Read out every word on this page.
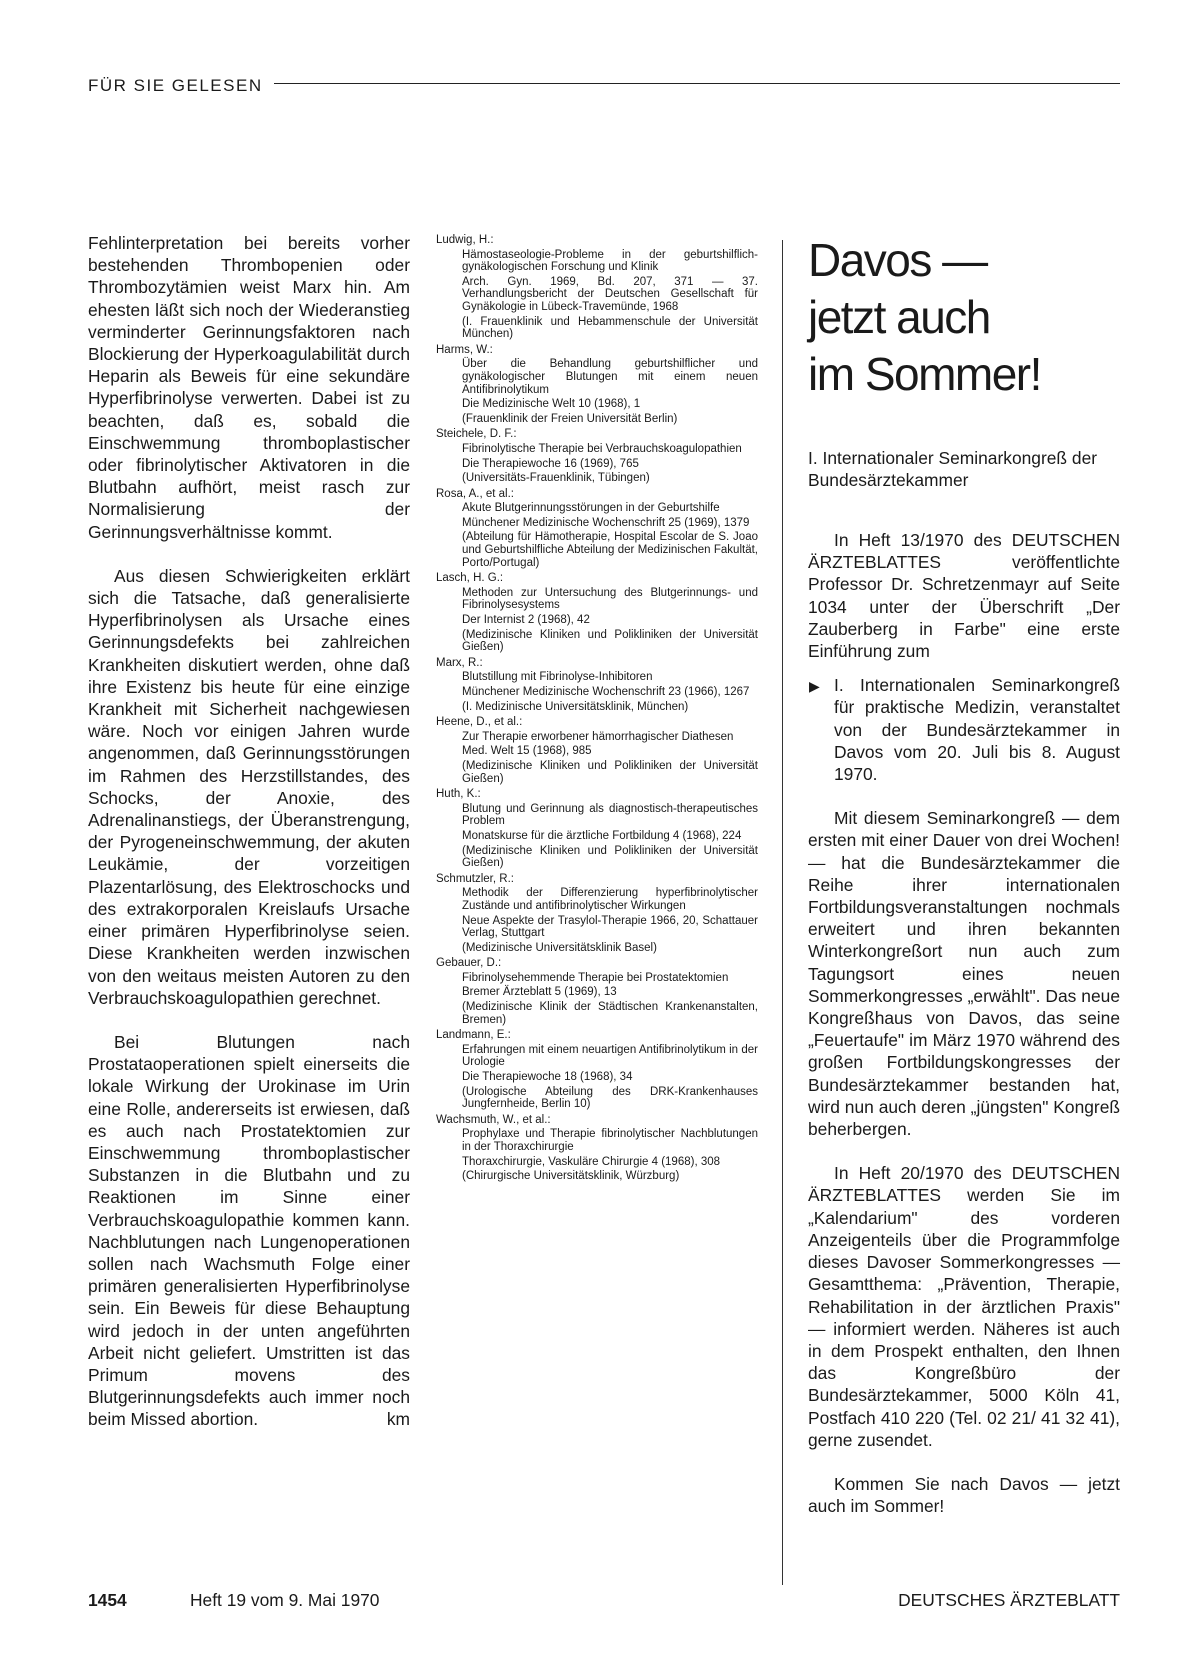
FÜR SIE GELESEN

Fehlinterpretation bei bereits vorher bestehenden Thrombopenien oder Thrombozytämien weist Marx hin. Am ehesten läßt sich noch der Wiederanstieg verminderter Gerinnungsfaktoren nach Blockierung der Hyperkoagulabilität durch Heparin als Beweis für eine sekundäre Hyperfibrinolyse verwerten. Dabei ist zu beachten, daß es, sobald die Einschwemmung thromboplastischer oder fibrinolytischer Aktivatoren in die Blutbahn aufhört, meist rasch zur Normalisierung der Gerinnungsverhältnisse kommt.

Aus diesen Schwierigkeiten erklärt sich die Tatsache, daß generalisierte Hyperfibrinolysen als Ursache eines Gerinnungsdefekts bei zahlreichen Krankheiten diskutiert werden, ohne daß ihre Existenz bis heute für eine einzige Krankheit mit Sicherheit nachgewiesen wäre. Noch vor einigen Jahren wurde angenommen, daß Gerinnungsstörungen im Rahmen des Herzstillstandes, des Schocks, der Anoxie, des Adrenalinanstiegs, der Überanstrengung, der Pyrogeneinschwemmung, der akuten Leukämie, der vorzeitigen Plazentarlösung, des Elektroschocks und des extrakorporalen Kreislaufs Ursache einer primären Hyperfibrinolyse seien. Diese Krankheiten werden inzwischen von den weitaus meisten Autoren zu den Verbrauchskoagulopathien gerechnet.

Bei Blutungen nach Prostataoperationen spielt einerseits die lokale Wirkung der Urokinase im Urin eine Rolle, andererseits ist erwiesen, daß es auch nach Prostatektomien zur Einschwemmung thromboplastischer Substanzen in die Blutbahn und zu Reaktionen im Sinne einer Verbrauchskoagulopathie kommen kann. Nachblutungen nach Lungenoperationen sollen nach Wachsmuth Folge einer primären generalisierten Hyperfibrinolyse sein. Ein Beweis für diese Behauptung wird jedoch in der unten angeführten Arbeit nicht geliefert. Umstritten ist das Primum movens des Blutgerinnungsdefekts auch immer noch beim Missed abortion.	km

Ludwig, H.:
Hämostaseologie-Probleme in der geburtshilflich-gynäkologischen Forschung und Klinik
Arch. Gyn. 1969, Bd. 207, 371 — 37. Verhandlungsbericht der Deutschen Gesellschaft für Gynäkologie in Lübeck-Travemünde, 1968
(I. Frauenklinik und Hebammenschule der Universität München)
Harms, W.:
Über die Behandlung geburtshilflicher und gynäkologischer Blutungen mit einem neuen Antifibrinolytikum
Die Medizinische Welt 10 (1968), 1
(Frauenklinik der Freien Universität Berlin)
Steichele, D. F.:
Fibrinolytische Therapie bei Verbrauchskoagulopathien
Die Therapiewoche 16 (1969), 765
(Universitäts-Frauenklinik, Tübingen)
Rosa, A., et al.:
Akute Blutgerinnungsstörungen in der Geburtshilfe
Münchener Medizinische Wochenschrift 25 (1969), 1379
(Abteilung für Hämotherapie, Hospital Escolar de S. Joao und Geburtshilfliche Abteilung der Medizinischen Fakultät, Porto/Portugal)
Lasch, H. G.:
Methoden zur Untersuchung des Blutgerinnungs- und Fibrinolysesystems
Der Internist 2 (1968), 42
(Medizinische Kliniken und Polikliniken der Universität Gießen)
Marx, R.:
Blutstillung mit Fibrinolyse-Inhibitoren
Münchener Medizinische Wochenschrift 23 (1966), 1267
(I. Medizinische Universitätsklinik, München)
Heene, D., et al.:
Zur Therapie erworbener hämorrhagischer Diathesen
Med. Welt 15 (1968), 985
(Medizinische Kliniken und Polikliniken der Universität Gießen)
Huth, K.:
Blutung und Gerinnung als diagnostisch-therapeutisches Problem
Monatskurse für die ärztliche Fortbildung 4 (1968), 224
(Medizinische Kliniken und Polikliniken der Universität Gießen)
Schmutzler, R.:
Methodik der Differenzierung hyperfibrinolytischer Zustände und antifibrinolytischer Wirkungen
Neue Aspekte der Trasylol-Therapie 1966, 20, Schattauer Verlag, Stuttgart
(Medizinische Universitätsklinik Basel)
Gebauer, D.:
Fibrinolysehemmende Therapie bei Prostatektomien
Bremer Ärzteblatt 5 (1969), 13
(Medizinische Klinik der Städtischen Krankenanstalten, Bremen)
Landmann, E.:
Erfahrungen mit einem neuartigen Antifibrinolytikum in der Urologie
Die Therapiewoche 18 (1968), 34
(Urologische Abteilung des DRK-Krankenhauses Jungfernheide, Berlin 10)
Wachsmuth, W., et al.:
Prophylaxe und Therapie fibrinolytischer Nachblutungen in der Thoraxchirurgie
Thoraxchirurgie, Vaskuläre Chirurgie 4 (1968), 308
(Chirurgische Universitätsklinik, Würzburg)
Davos —
jetzt auch
im Sommer!
I. Internationaler Seminarkongreß der Bundesärztekammer

In Heft 13/1970 des DEUTSCHEN ÄRZTEBLATTES veröffentlichte Professor Dr. Schretzenmayr auf Seite 1034 unter der Überschrift „Der Zauberberg in Farbe" eine erste Einführung zum

▶ I. Internationalen Seminarkongreß für praktische Medizin, veranstaltet von der Bundesärztekammer in Davos vom 20. Juli bis 8. August 1970.

Mit diesem Seminarkongreß — dem ersten mit einer Dauer von drei Wochen! — hat die Bundesärztekammer die Reihe ihrer internationalen Fortbildungsveranstaltungen nochmals erweitert und ihren bekannten Winterkongreßort nun auch zum Tagungsort eines neuen Sommerkongresses „erwählt". Das neue Kongreßhaus von Davos, das seine „Feuertaufe" im März 1970 während des großen Fortbildungskongresses der Bundesärztekammer bestanden hat, wird nun auch deren „jüngsten" Kongreß beherbergen.

In Heft 20/1970 des DEUTSCHEN ÄRZTEBLATTES werden Sie im „Kalendarium" des vorderen Anzeigenteils über die Programmfolge dieses Davoser Sommerkongresses — Gesamtthema: „Prävention, Therapie, Rehabilitation in der ärztlichen Praxis" — informiert werden. Näheres ist auch in dem Prospekt enthalten, den Ihnen das Kongreßbüro der Bundesärztekammer, 5000 Köln 41, Postfach 410 220 (Tel. 02 21/ 41 32 41), gerne zusendet.

Kommen Sie nach Davos — jetzt auch im Sommer!

1454	Heft 19 vom 9. Mai 1970	DEUTSCHES ÄRZTEBLATT
